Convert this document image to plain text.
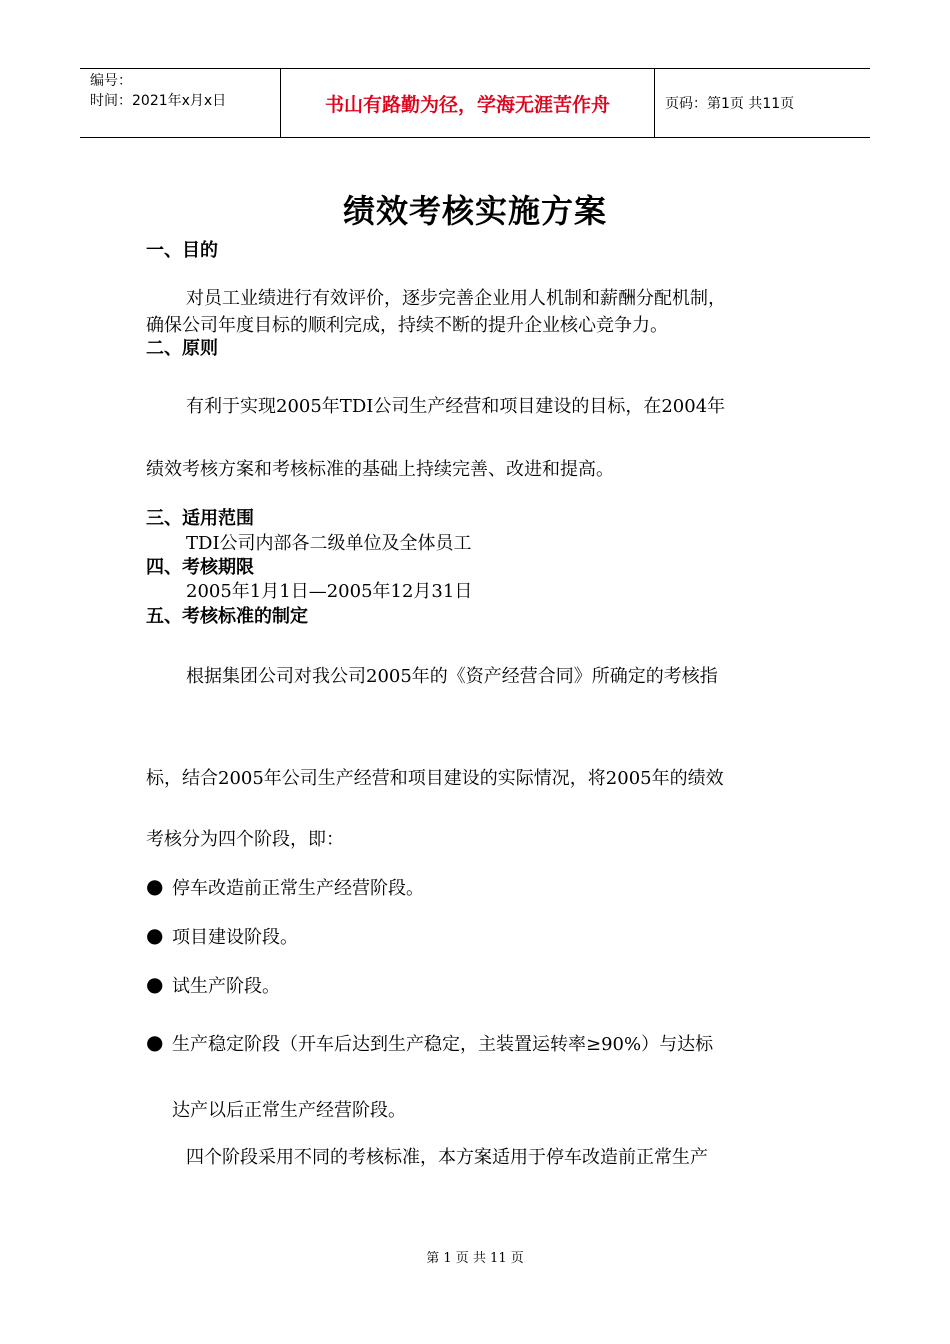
编号：
时间：2021年x月x日	书山有路勤为径，学海无涯苦作舟	页码：第1页 共11页
绩效考核实施方案
一、目的
对员工业绩进行有效评价，逐步完善企业用人机制和薪酬分配机制，
确保公司年度目标的顺利完成，持续不断的提升企业核心竞争力。
二、原则
有利于实现2005年TDI公司生产经营和项目建设的目标，在2004年
绩效考核方案和考核标准的基础上持续完善、改进和提高。
三、适用范围
TDI公司内部各二级单位及全体员工
四、考核期限
2005年1月1日—2005年12月31日
五、考核标准的制定
根据集团公司对我公司2005年的《资产经营合同》所确定的考核指
标，结合2005年公司生产经营和项目建设的实际情况，将2005年的绩效
考核分为四个阶段，即：
● 停车改造前正常生产经营阶段。
● 项目建设阶段。
● 试生产阶段。
● 生产稳定阶段（开车后达到生产稳定，主装置运转率≥90%）与达标
达产以后正常生产经营阶段。
四个阶段采用不同的考核标准，本方案适用于停车改造前正常生产
第 1 页 共 11 页
